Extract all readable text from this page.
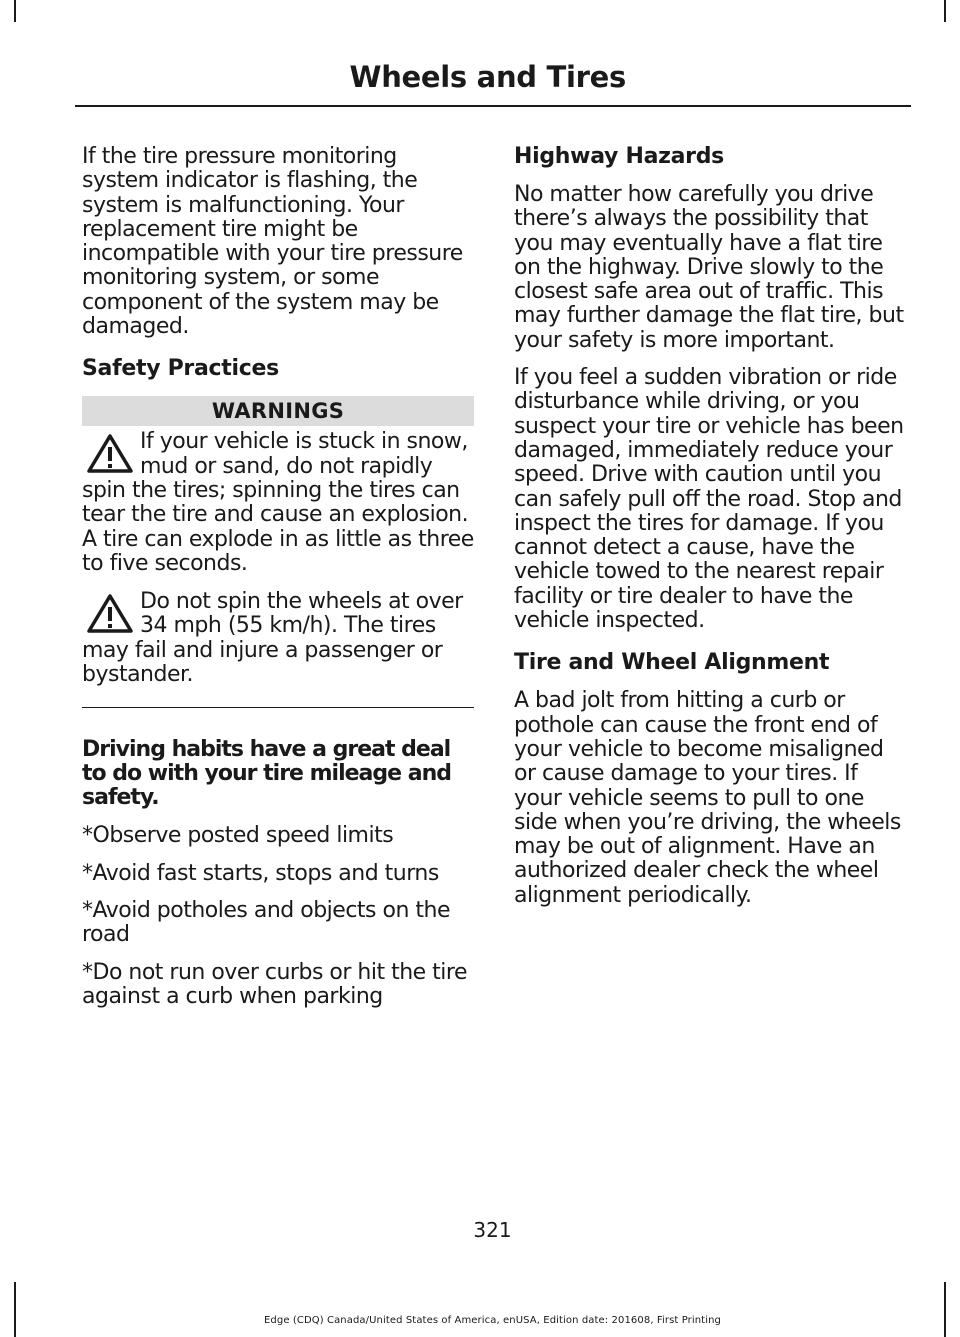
Wheels and Tires

If the tire pressure monitoring system indicator is flashing, the system is malfunctioning. Your replacement tire might be incompatible with your tire pressure monitoring system, or some component of the system may be damaged.

Safety Practices
WARNINGS
If your vehicle is stuck in snow, mud or sand, do not rapidly spin the tires; spinning the tires can tear the tire and cause an explosion. A tire can explode in as little as three to five seconds.
Do not spin the wheels at over 34 mph (55 km/h). The tires may fail and injure a passenger or bystander.
Driving habits have a great deal to do with your tire mileage and safety.

*Observe posted speed limits

*Avoid fast starts, stops and turns

*Avoid potholes and objects on the road

*Do not run over curbs or hit the tire against a curb when parking

Highway Hazards

No matter how carefully you drive there’s always the possibility that you may eventually have a flat tire on the highway. Drive slowly to the closest safe area out of traffic. This may further damage the flat tire, but your safety is more important.

If you feel a sudden vibration or ride disturbance while driving, or you suspect your tire or vehicle has been damaged, immediately reduce your speed. Drive with caution until you can safely pull off the road. Stop and inspect the tires for damage. If you cannot detect a cause, have the vehicle towed to the nearest repair facility or tire dealer to have the vehicle inspected.

Tire and Wheel Alignment

A bad jolt from hitting a curb or pothole can cause the front end of your vehicle to become misaligned or cause damage to your tires. If your vehicle seems to pull to one side when you’re driving, the wheels may be out of alignment. Have an authorized dealer check the wheel alignment periodically.

321
Edge (CDQ) Canada/United States of America, enUSA, Edition date: 201608, First Printing
